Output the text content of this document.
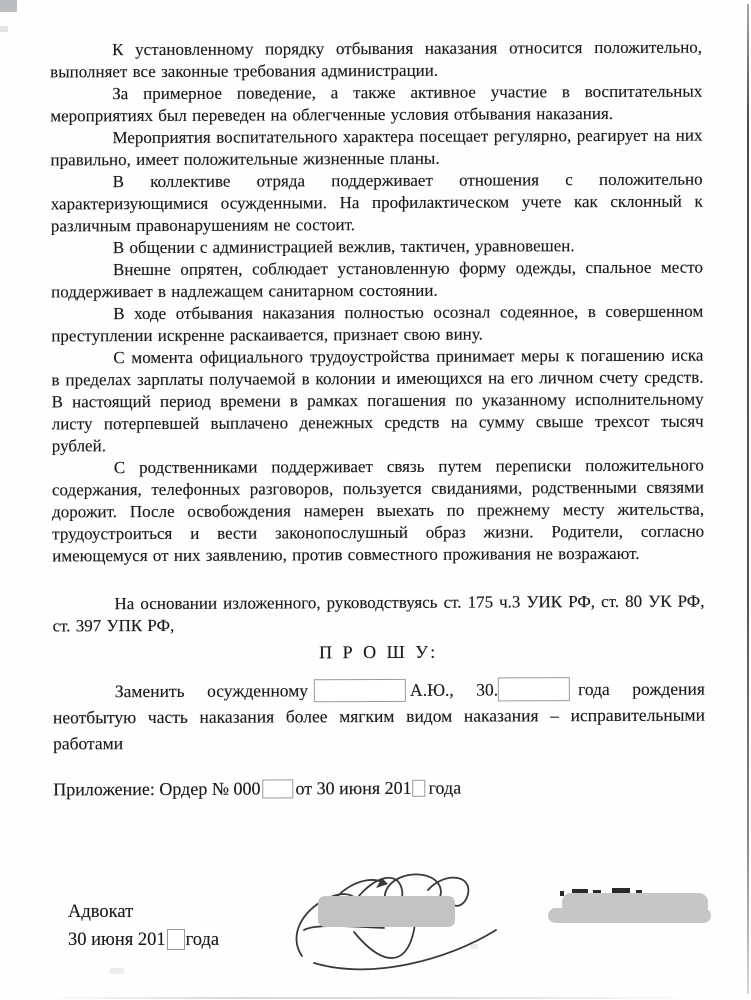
К установленному порядку отбывания наказания относится положительно, выполняет все законные требования администрации.

За примерное поведение, а также активное участие в воспитательных мероприятиях был переведен на облегченные условия отбывания наказания.

Мероприятия воспитательного характера посещает регулярно, реагирует на них правильно, имеет положительные жизненные планы.

В коллективе отряда поддерживает отношения с положительно характеризующимися осужденными. На профилактическом учете как склонный к различным правонарушениям не состоит.

В общении с администрацией вежлив, тактичен, уравновешен.

Внешне опрятен, соблюдает установленную форму одежды, спальное место поддерживает в надлежащем санитарном состоянии.

В ходе отбывания наказания полностью осознал содеянное, в совершенном преступлении искренне раскаивается, признает свою вину.

С момента официального трудоустройства принимает меры к погашению иска в пределах зарплаты получаемой в колонии и имеющихся на его личном счету средств. В настоящий период времени в рамках погашения по указанному исполнительному листу потерпевшей выплачено денежных средств на сумму свыше трехсот тысяч рублей.

С родственниками поддерживает связь путем переписки положительного содержания, телефонных разговоров, пользуется свиданиями, родственными связями дорожит. После освобождения намерен выехать по прежнему месту жительства, трудоустроиться и вести законопослушный образ жизни. Родители, согласно имеющемуся от них заявлению, против совместного проживания не возражают.

На основании изложенного, руководствуясь ст. 175 ч.3 УИК РФ, ст. 80 УК РФ, ст. 397 УПК РФ,

П Р О Ш У:

Заменить осужденному	А.Ю., 30.	года рождения неотбытую часть наказания более мягким видом наказания – исправительными работами

Приложение: Ордер № 000 от 30 июня 201 года

Адвокат
30 июня 201 года
